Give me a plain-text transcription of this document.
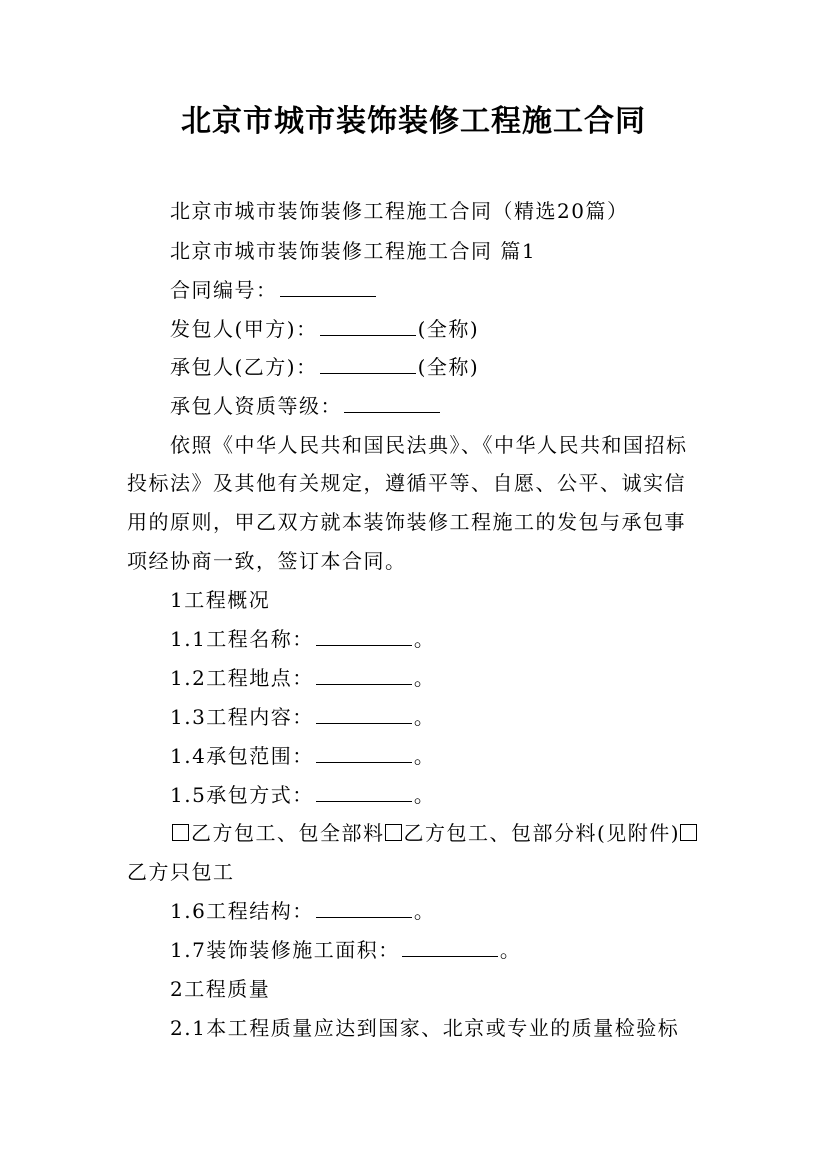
北京市城市装饰装修工程施工合同
北京市城市装饰装修工程施工合同（精选20篇）
北京市城市装饰装修工程施工合同 篇1
合同编号：
发包人(甲方)：	(全称)
承包人(乙方)：	(全称)
承包人资质等级：
依照《中华人民共和国民法典》、《中华人民共和国招标
投标法》及其他有关规定，遵循平等、自愿、公平、诚实信
用的原则，甲乙双方就本装饰装修工程施工的发包与承包事
项经协商一致，签订本合同。
1工程概况
1.1工程名称：	。
1.2工程地点：	。
1.3工程内容：	。
1.4承包范围：	。
1.5承包方式：	。
乙方包工、包全部料 乙方包工、包部分料(见附件)
乙方只包工
1.6工程结构：	。
1.7装饰装修施工面积：	。
2工程质量
2.1本工程质量应达到国家、北京或专业的质量检验标
